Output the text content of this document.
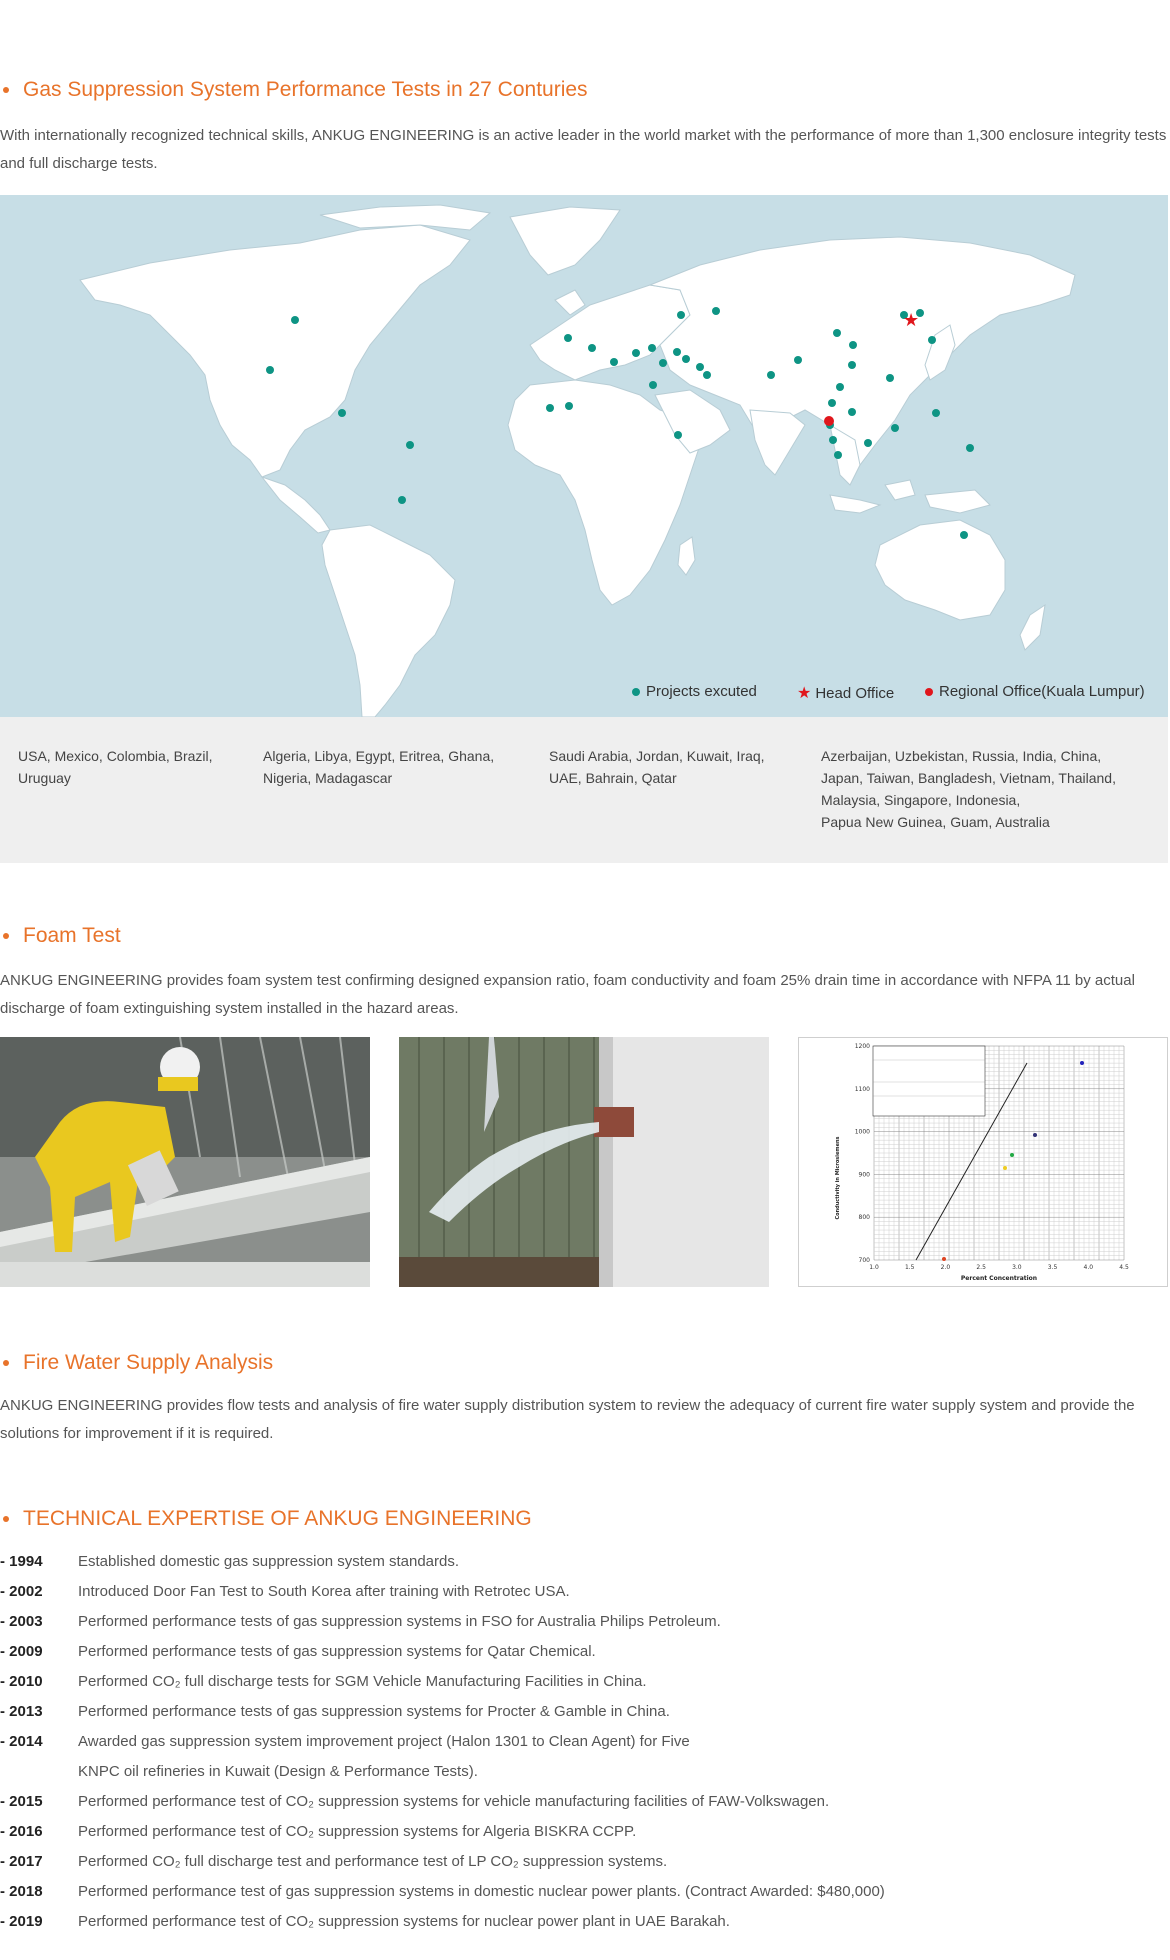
Gas Suppression System Performance Tests in 27 Conturies

With internationally recognized technical skills, ANKUG ENGINEERING is an active leader in the world market with the performance of more than 1,300 enclosure integrity tests and full discharge tests.

★
Projects excuted	★ Head Office	Regional Office(Kuala Lumpur)
USA, Mexico, Colombia, Brazil,
Uruguay
Algeria, Libya, Egypt, Eritrea, Ghana,
Nigeria, Madagascar
Saudi Arabia, Jordan, Kuwait, Iraq,
UAE, Bahrain, Qatar
Azerbaijan, Uzbekistan, Russia, India, China,
Japan, Taiwan, Bangladesh, Vietnam, Thailand,
Malaysia, Singapore, Indonesia,
Papua New Guinea, Guam, Australia
Foam Test

ANKUG ENGINEERING provides foam system test confirming designed expansion ratio, foam conductivity and foam 25% drain time in accordance with NFPA 11 by actual discharge of foam extinguishing system installed in the hazard areas.

1200
1100
1000
900
800
700
1.0	1.5	2.0	2.5	3.0	3.5	4.0	4.5
Conductivity in Microsiemens
Percent Concentration
Fire Water Supply Analysis

ANKUG ENGINEERING provides flow tests and analysis of fire water supply distribution system to review the adequacy of current fire water supply system and provide the solutions for improvement if it is required.

TECHNICAL EXPERTISE OF ANKUG ENGINEERING
- 1994 Established domestic gas suppression system standards.
- 2002 Introduced Door Fan Test to South Korea after training with Retrotec USA.
- 2003 Performed performance tests of gas suppression systems in FSO for Australia Philips Petroleum.
- 2009 Performed performance tests of gas suppression systems for Qatar Chemical.
- 2010 Performed CO₂ full discharge tests for SGM Vehicle Manufacturing Facilities in China.
- 2013 Performed performance tests of gas suppression systems for Procter & Gamble in China.
- 2014 Awarded gas suppression system improvement project (Halon 1301 to Clean Agent) for Five
KNPC oil refineries in Kuwait (Design & Performance Tests).
- 2015 Performed performance test of CO₂ suppression systems for vehicle manufacturing facilities of FAW-Volkswagen.
- 2016 Performed performance test of CO₂ suppression systems for Algeria BISKRA CCPP.
- 2017 Performed CO₂ full discharge test and performance test of LP CO₂ suppression systems.
- 2018 Performed performance test of gas suppression systems in domestic nuclear power plants. (Contract Awarded: $480,000)
- 2019 Performed performance test of CO₂ suppression systems for nuclear power plant in UAE Barakah.
